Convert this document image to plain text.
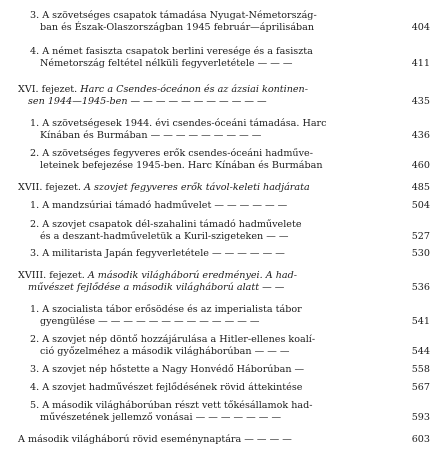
3. A szövetséges csapatok támadása Nyugat-Németország-
ban és Észak-Olaszországban 1945 február—áprilisában	404
4. A német fasiszta csapatok berlini veresége és a fasiszta
Németország feltétel nélküli fegyverletétele — — —	411
XVI. fejezet. Harc a Csendes-óceánon és az ázsiai kontinen-
sen 1944—1945-ben — — — — — — — — — — —	435
1. A szövetségesek 1944. évi csendes-óceáni támadása. Harc
Kínában és Burmában — — — — — — — — —	436
2. A szövetséges fegyveres erők csendes-óceáni hadműve-
leteinek befejezése 1945-ben. Harc Kínában és Burmában	460
XVII. fejezet. A szovjet fegyveres erők távol-keleti hadjárata	485
1. A mandzsúriai támadó hadművelet — — — — — —	504
2. A szovjet csapatok dél-szahalini támadó hadművelete
és a deszant-hadműveletük a Kuril-szigeteken — —	527
3. A militarista Japán fegyverletétele — — — — — —	530
XVIII. fejezet. A második világháború eredményei. A had-
művészet fejlődése a második világháború alatt — —	536
1. A szocialista tábor erősödése és az imperialista tábor
gyengülése — — — — — — — — — — — — —	541
2. A szovjet nép döntő hozzájárulása a Hitler-ellenes koalí-
ció győzelméhez a második világháborúban — — —	544
3. A szovjet nép hőstette a Nagy Honvédő Háborúban —	558
4. A szovjet hadművészet fejlődésének rövid áttekintése	567
5. A második világháborúban részt vett tőkésállamok had-
művészetének jellemző vonásai — — — — — — —	593
A második világháború rövid eseménynaptára — — — —	603
